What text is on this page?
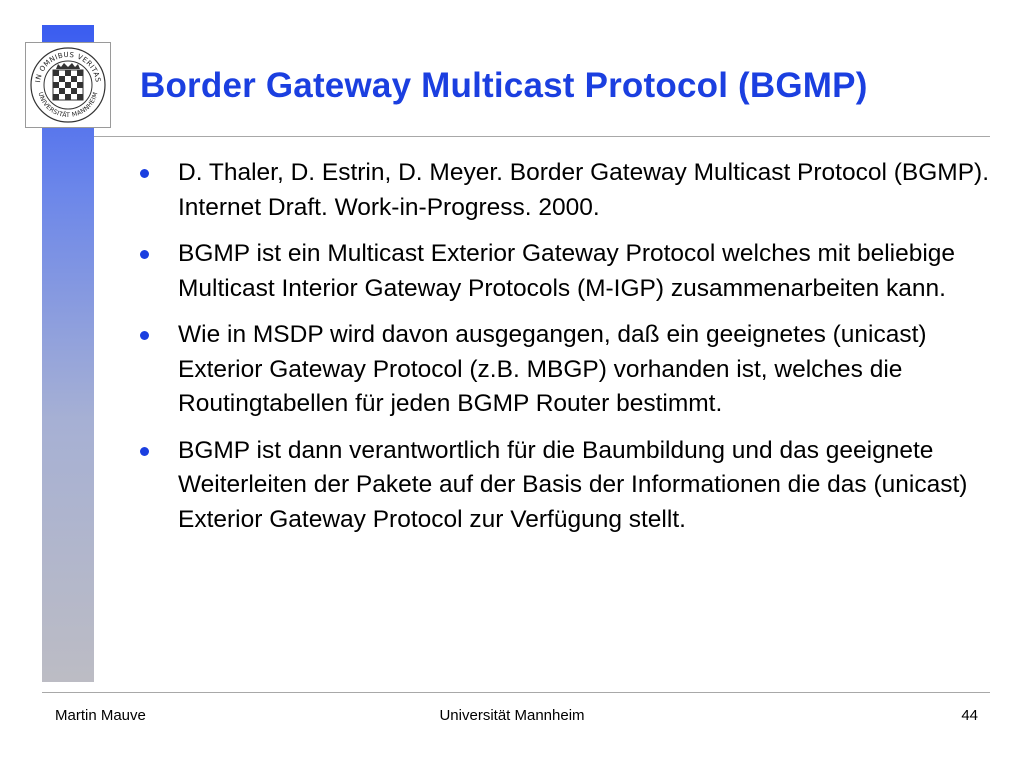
IN OMNIBUS VERITAS
UNIVERSITÄT MANNHEIM Border Gateway Multicast Protocol (BGMP)
D. Thaler, D. Estrin, D. Meyer. Border Gateway Multicast Protocol (BGMP). Internet Draft. Work-in-Progress. 2000.
BGMP ist ein Multicast Exterior Gateway Protocol welches mit beliebige Multicast Interior Gateway Protocols (M-IGP) zusammenarbeiten kann.
Wie in MSDP wird davon ausgegangen, daß ein geeignetes (unicast) Exterior Gateway Protocol (z.B. MBGP) vorhanden ist, welches die Routingtabellen für jeden BGMP Router bestimmt.
BGMP ist dann verantwortlich für die Baumbildung und das geeignete Weiterleiten der Pakete auf der Basis der Informationen die das (unicast) Exterior Gateway Protocol zur Verfügung stellt.
Martin Mauve	Universität Mannheim	44
